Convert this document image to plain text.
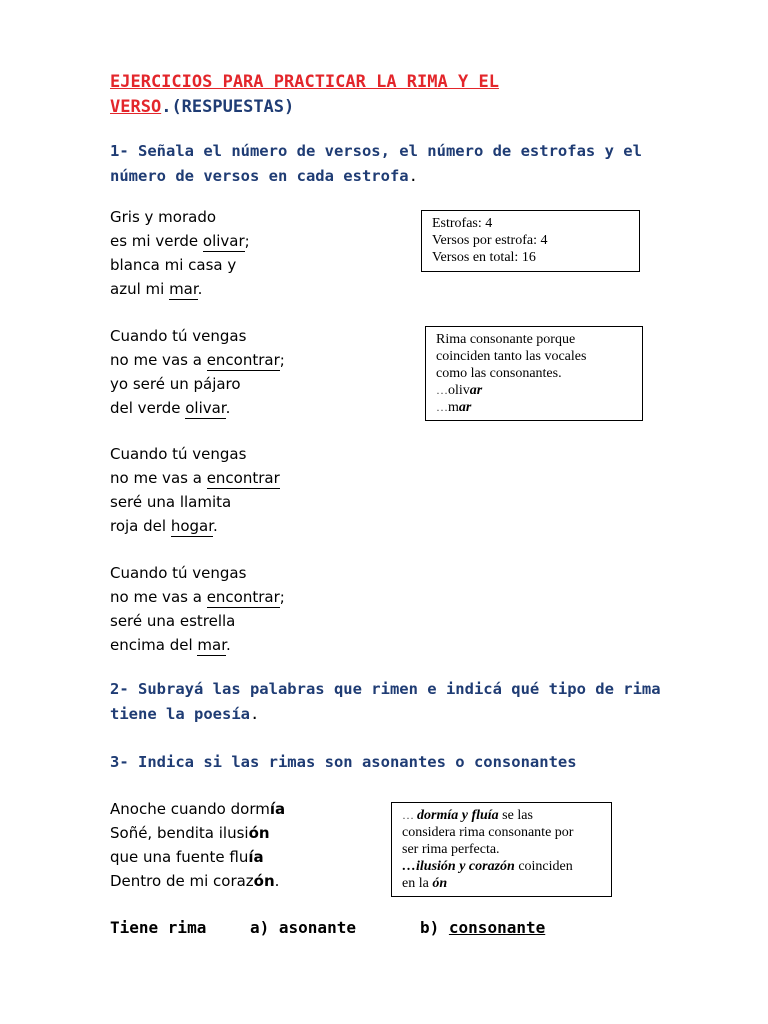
EJERCICIOS PARA PRACTICAR LA RIMA Y EL
VERSO.(RESPUESTAS)
1- Señala el número de versos, el número de estrofas y el
número de versos en cada estrofa.
Gris y morado
es mi verde olivar;
blanca mi casa y
azul mi mar.
Cuando tú vengas
no me vas a encontrar;
yo seré un pájaro
del verde olivar.
Cuando tú vengas
no me vas a encontrar
seré una llamita
roja del hogar.
Cuando tú vengas
no me vas a encontrar;
seré una estrella
encima del mar.
Estrofas: 4
Versos por estrofa: 4
Versos en total: 16
Rima consonante porque
coinciden tanto las vocales
como las consonantes.
…olivar
…mar
2- Subrayá las palabras que rimen e indicá qué tipo de rima
tiene la poesía.
3- Indica si las rimas son asonantes o consonantes
Anoche cuando dormía
Soñé, bendita ilusión
que una fuente fluía
Dentro de mi corazón.
… dormía y fluía se las
considera rima consonante por
ser rima perfecta.
…ilusión y corazón coinciden
en la ón
Tiene rima	a) asonante	b) consonante
